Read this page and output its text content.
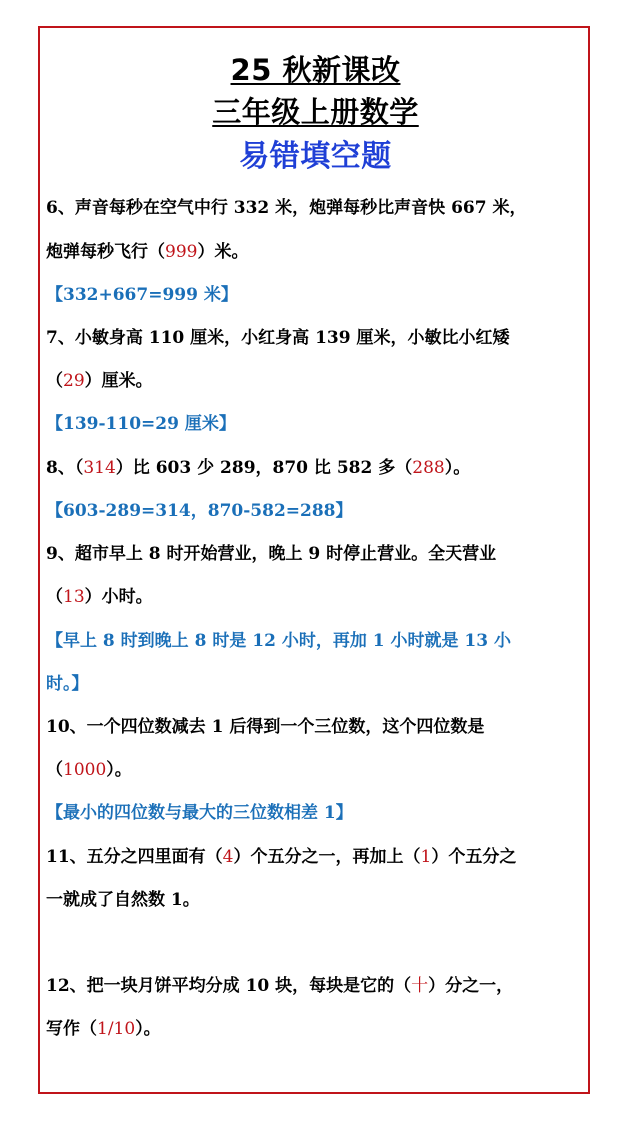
25 秋新课改
三年级上册数学
易错填空题
6、声音每秒在空气中行 332 米，炮弹每秒比声音快 667 米，
炮弹每秒飞行（999）米。
【332+667=999 米】
7、小敏身高 110 厘米，小红身高 139 厘米，小敏比小红矮
（29）厘米。
【139-110=29 厘米】
8、（314）比 603 少 289，870 比 582 多（288）。
【603-289=314，870-582=288】
9、超市早上 8 时开始营业，晚上 9 时停止营业。全天营业
（13）小时。
【早上 8 时到晚上 8 时是 12 小时，再加 1 小时就是 13 小
时。】
10、一个四位数减去 1 后得到一个三位数，这个四位数是
（1000）。
【最小的四位数与最大的三位数相差 1】
11、五分之四里面有（4）个五分之一，再加上（1）个五分之
一就成了自然数 1。
12、把一块月饼平均分成 10 块，每块是它的（十）分之一，
写作（1/10）。
